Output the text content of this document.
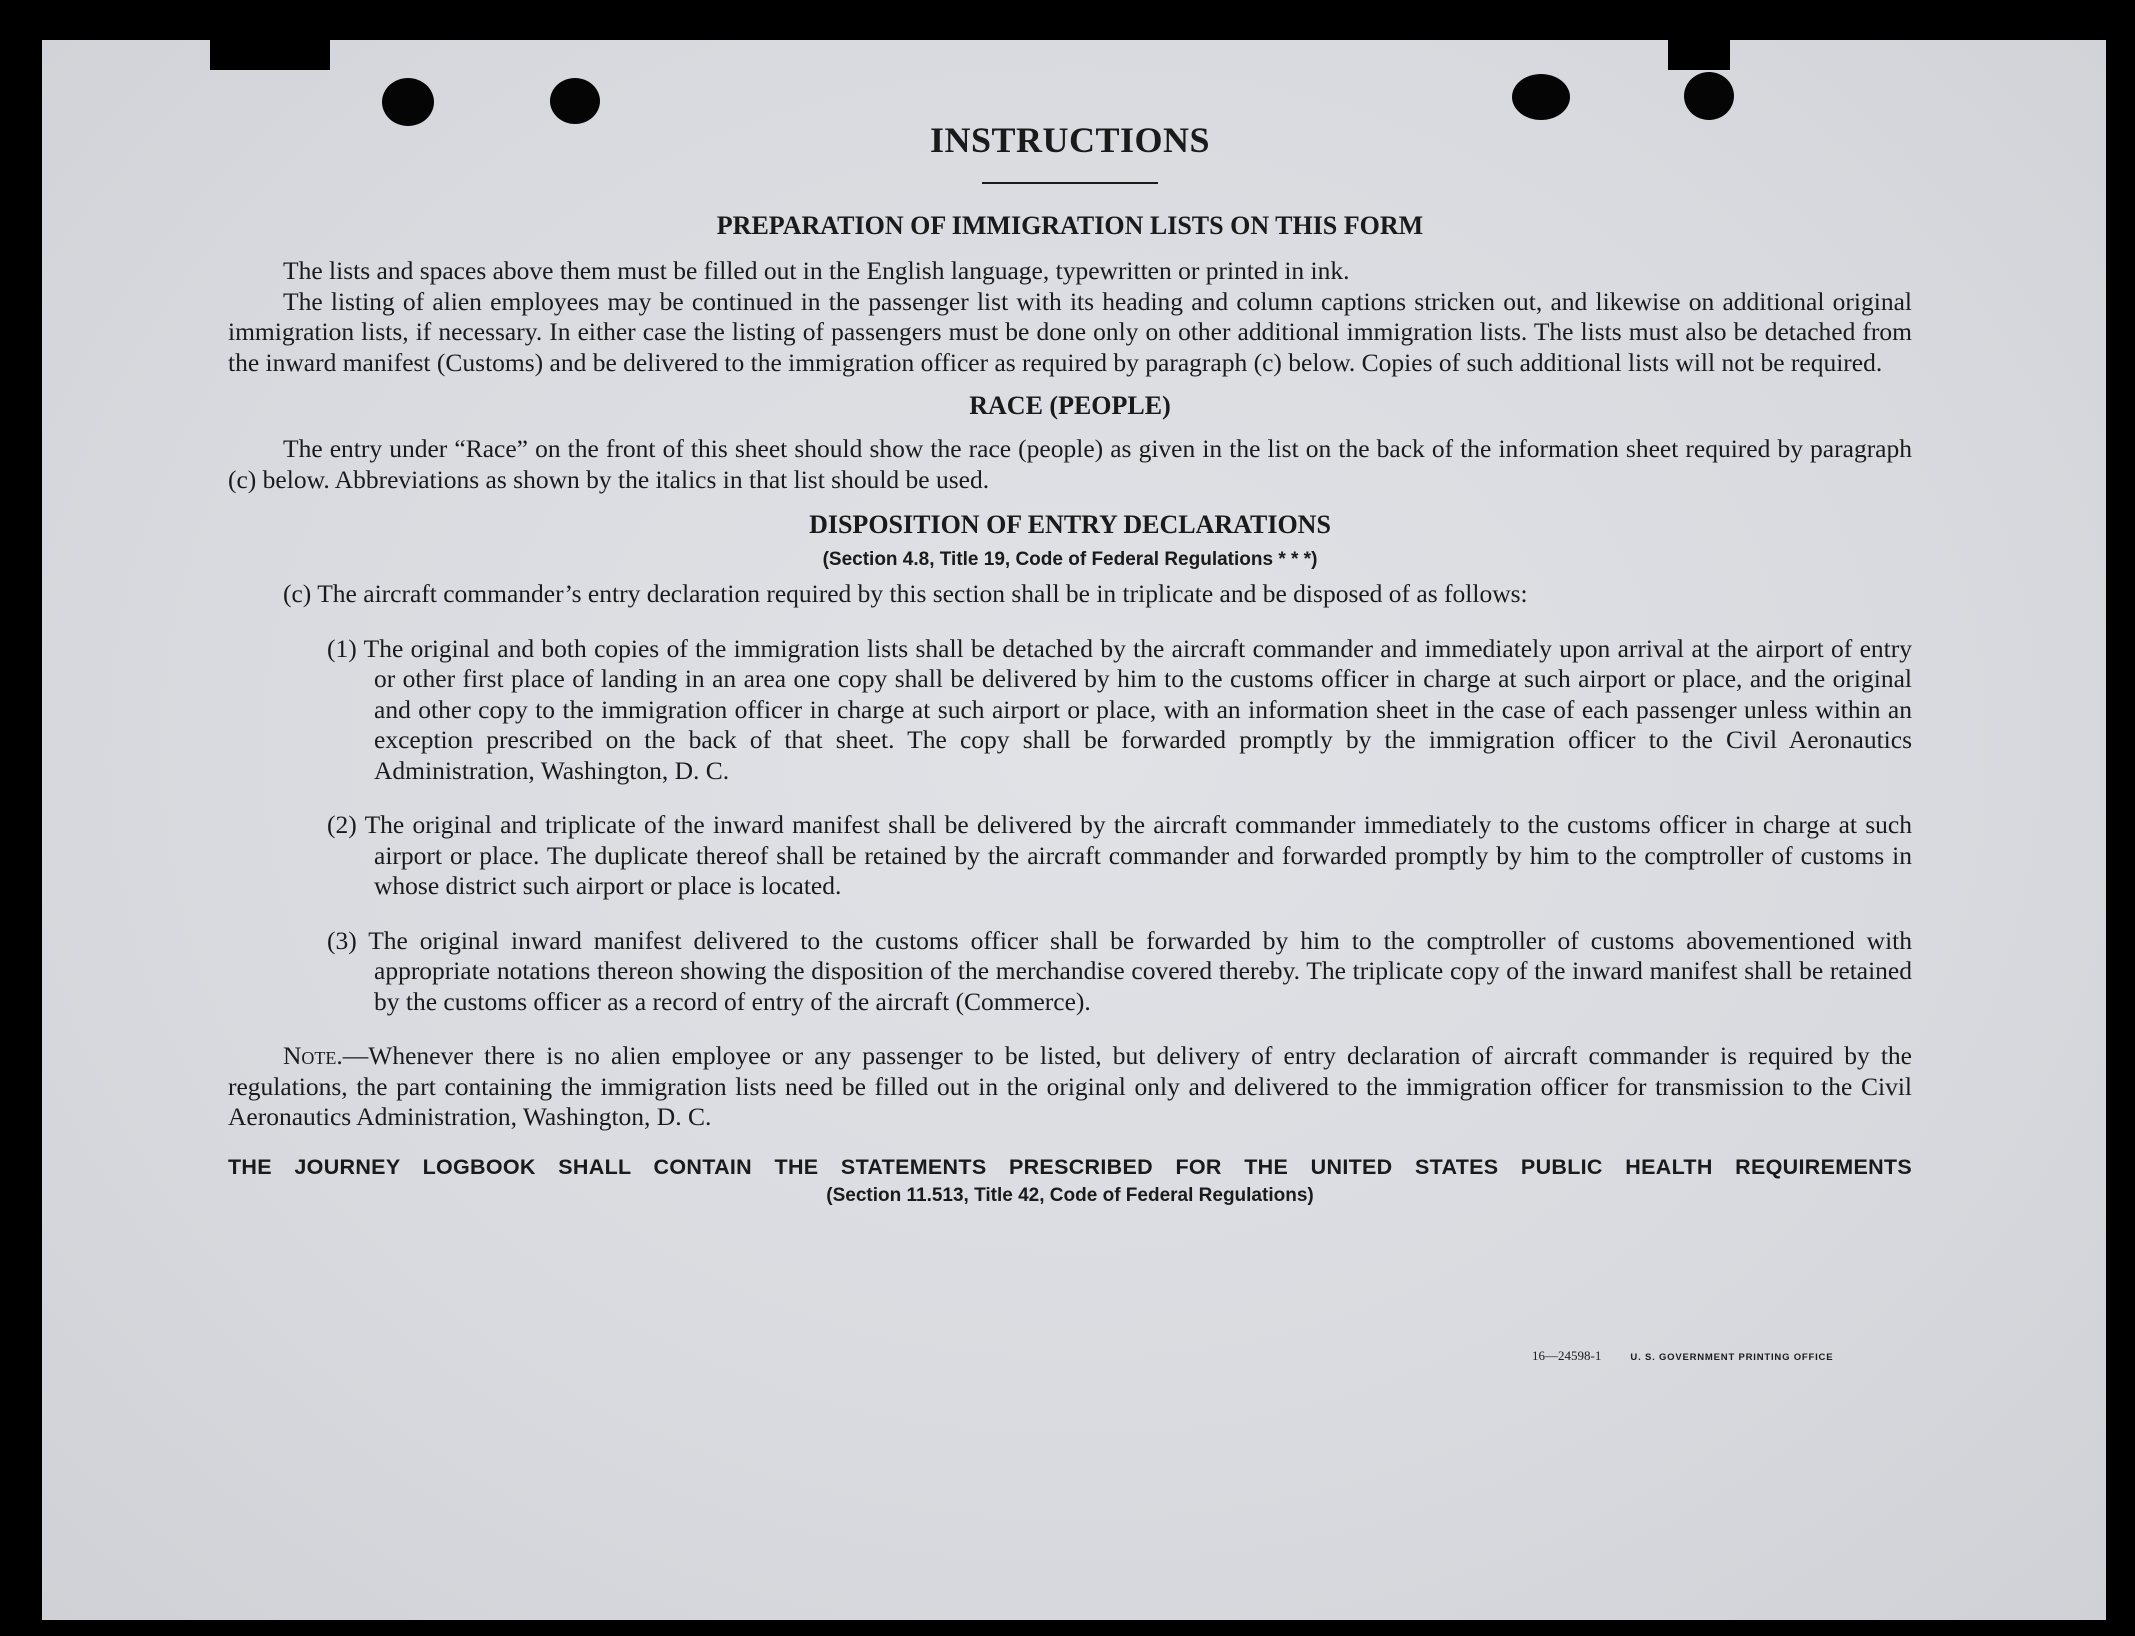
INSTRUCTIONS
PREPARATION OF IMMIGRATION LISTS ON THIS FORM

The lists and spaces above them must be filled out in the English language, typewritten or printed in ink.

The listing of alien employees may be continued in the passenger list with its heading and column captions stricken out, and likewise on additional original immigration lists, if necessary. In either case the listing of passengers must be done only on other additional immigration lists. The lists must also be detached from the inward manifest (Customs) and be delivered to the immigration officer as required by paragraph (c) below. Copies of such additional lists will not be required.

RACE (PEOPLE)

The entry under “Race” on the front of this sheet should show the race (people) as given in the list on the back of the information sheet required by paragraph (c) below. Abbreviations as shown by the italics in that list should be used.

DISPOSITION OF ENTRY DECLARATIONS

(Section 4.8, Title 19, Code of Federal Regulations * * *)

(c) The aircraft commander’s entry declaration required by this section shall be in triplicate and be disposed of as follows:

(1) The original and both copies of the immigration lists shall be detached by the aircraft commander and immediately upon arrival at the airport of entry or other first place of landing in an area one copy shall be delivered by him to the customs officer in charge at such airport or place, and the original and other copy to the immigration officer in charge at such airport or place, with an information sheet in the case of each passenger unless within an exception prescribed on the back of that sheet. The copy shall be forwarded promptly by the immigration officer to the Civil Aeronautics Administration, Washington, D. C.

(2) The original and triplicate of the inward manifest shall be delivered by the aircraft commander immediately to the customs officer in charge at such airport or place. The duplicate thereof shall be retained by the aircraft commander and forwarded promptly by him to the comptroller of customs in whose district such airport or place is located.

(3) The original inward manifest delivered to the customs officer shall be forwarded by him to the comptroller of customs abovementioned with appropriate notations thereon showing the disposition of the merchandise covered thereby. The triplicate copy of the inward manifest shall be retained by the customs officer as a record of entry of the aircraft (Commerce).

Note.—Whenever there is no alien employee or any passenger to be listed, but delivery of entry declaration of aircraft commander is required by the regulations, the part containing the immigration lists need be filled out in the original only and delivered to the immigration officer for transmission to the Civil Aeronautics Administration, Washington, D. C.

THE JOURNEY LOGBOOK SHALL CONTAIN THE STATEMENTS PRESCRIBED FOR THE UNITED STATES PUBLIC HEALTH REQUIREMENTS

(Section 11.513, Title 42, Code of Federal Regulations)

16—24598-1	U. S. GOVERNMENT PRINTING OFFICE
